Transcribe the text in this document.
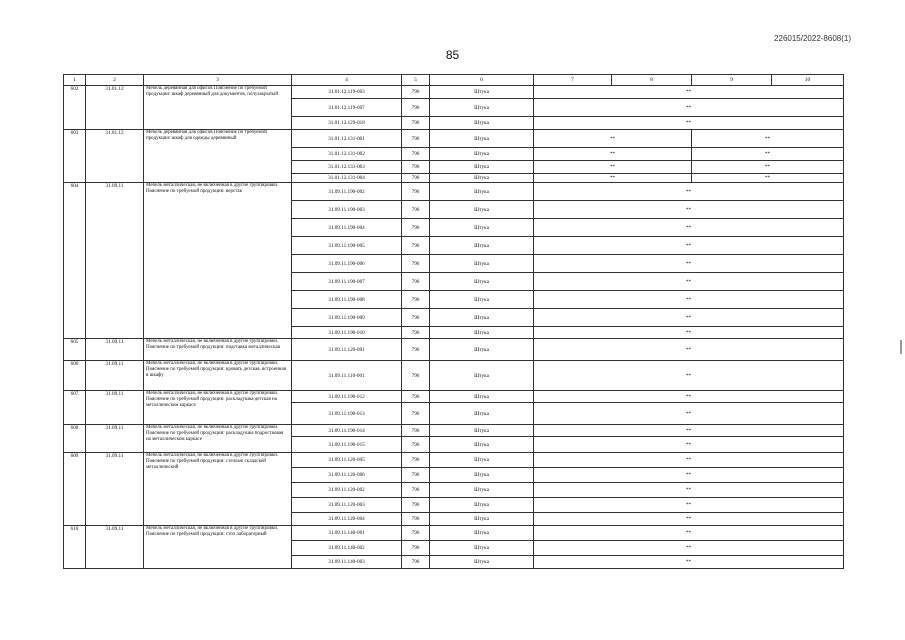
226015/2022-8608(1)
85
1	2	3	4	5	6	7	8	9	10
602	31.01.12	Мебель деревянная для офисов Пояснение по требуемой продукции: шкаф деревянный для документов, полузакрытый	31.01.12.119-003	796	Штука	**			
			31.01.12.119-007	796	Штука	**			
			31.01.12.129-018	796	Штука	**			
603	31.01.12	Мебель деревянная для офисов Пояснение по требуемой продукции: шкаф для одежды деревянный	31.01.12.131-001	796	Штука	**		**	
			31.01.12.131-002	796	Штука	**		**	
			31.01.12.131-003	796	Штука	**		**	
			31.01.12.131-004	796	Штука	**		**	
604	31.09.11	Мебель металлическая, не включенная в другие группировки. Пояснение по требуемой продукции: верстак	31.09.11.190-002	796	Штука	**			
			31.09.11.190-003	796	Штука	**			
			31.09.11.190-004	796	Штука	**			
			31.09.11.190-005	796	Штука	**			
			31.09.11.190-006	796	Штука	**			
			31.09.11.190-007	796	Штука	**			
			31.09.11.190-008	796	Штука	**			
			31.09.11.190-009	796	Штука	**			
			31.09.11.190-010	796	Штука	**			
605	31.09.11	Мебель металлическая, не включенная в другие группировки. Пояснение по требуемой продукции: подставка металлическая	31.09.11.120-001	796	Штука	**			
606	31.09.11	Мебель металлическая, не включенная в другие группировки. Пояснение по требуемой продукции: кровать детская, встроенная в шкафу	31.09.11.110-001	796	Штука	**			
607	31.09.11	Мебель металлическая, не включенная в другие группировки. Пояснение по требуемой продукции: раскладушка детская на металлическом каркасе	31.09.11.190-012	796	Штука	**			
			31.09.11.190-013	796	Штука	**			
608	31.09.11	Мебель металлическая, не включенная в другие группировки. Пояснение по требуемой продукции: раскладушка подростковая на металлическом каркасе	31.09.11.190-014	796	Штука	**			
			31.09.11.190-015	796	Штука	**			
609	31.09.11	Мебель металлическая, не включенная в другие группировки. Пояснение по требуемой продукции: стеллаж складской металлический	31.09.11.120-005	796	Штука	**			
			31.09.11.120-006	796	Штука	**			
			31.09.11.120-002	796	Штука	**			
			31.09.11.120-003	796	Штука	**			
			31.09.11.120-004	796	Штука	**			
610	31.09.11	Мебель металлическая, не включенная в другие группировки. Пояснение по требуемой продукции: стол лабораторный	31.09.11.140-001	796	Штука	**			
			31.09.11.140-002	796	Штука	**			
			31.09.11.140-003	796	Штука	**			
